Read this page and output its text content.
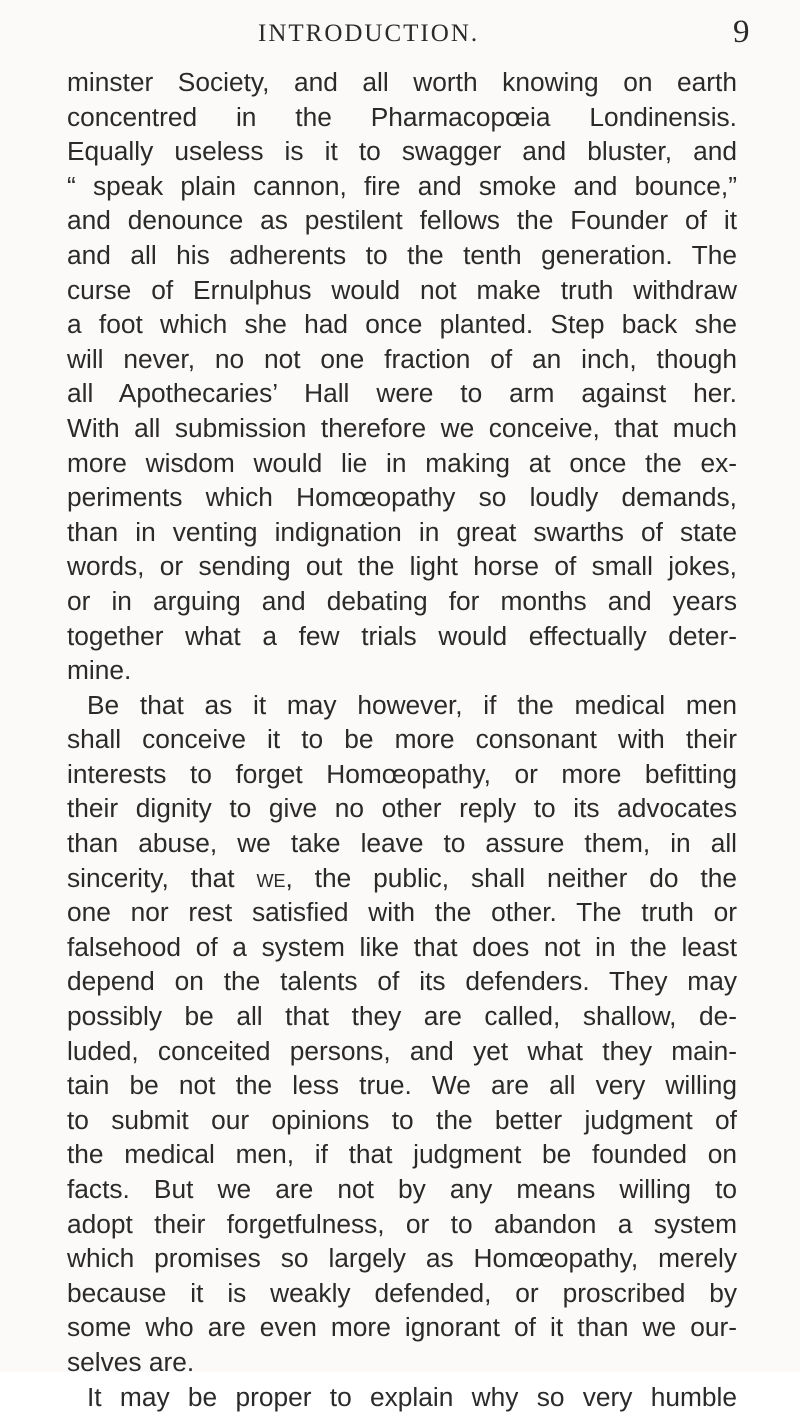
INTRODUCTION.	9
minster Society, and all worth knowing on earth
concentred in the Pharmacopœia Londinensis.
Equally useless is it to swagger and bluster, and
“ speak plain cannon, fire and smoke and bounce,”
and denounce as pestilent fellows the Founder of it
and all his adherents to the tenth generation. The
curse of Ernulphus would not make truth withdraw
a foot which she had once planted. Step back she
will never, no not one fraction of an inch, though
all Apothecaries’ Hall were to arm against her.
With all submission therefore we conceive, that much
more wisdom would lie in making at once the ex-
periments which Homœopathy so loudly demands,
than in venting indignation in great swarths of state
words, or sending out the light horse of small jokes,
or in arguing and debating for months and years
together what a few trials would effectually deter-
mine.
Be that as it may however, if the medical men
shall conceive it to be more consonant with their
interests to forget Homœopathy, or more befitting
their dignity to give no other reply to its advocates
than abuse, we take leave to assure them, in all
sincerity, that we, the public, shall neither do the
one nor rest satisfied with the other. The truth or
falsehood of a system like that does not in the least
depend on the talents of its defenders. They may
possibly be all that they are called, shallow, de-
luded, conceited persons, and yet what they main-
tain be not the less true. We are all very willing
to submit our opinions to the better judgment of
the medical men, if that judgment be founded on
facts. But we are not by any means willing to
adopt their forgetfulness, or to abandon a system
which promises so largely as Homœopathy, merely
because it is weakly defended, or proscribed by
some who are even more ignorant of it than we our-
selves are.
It may be proper to explain why so very humble
